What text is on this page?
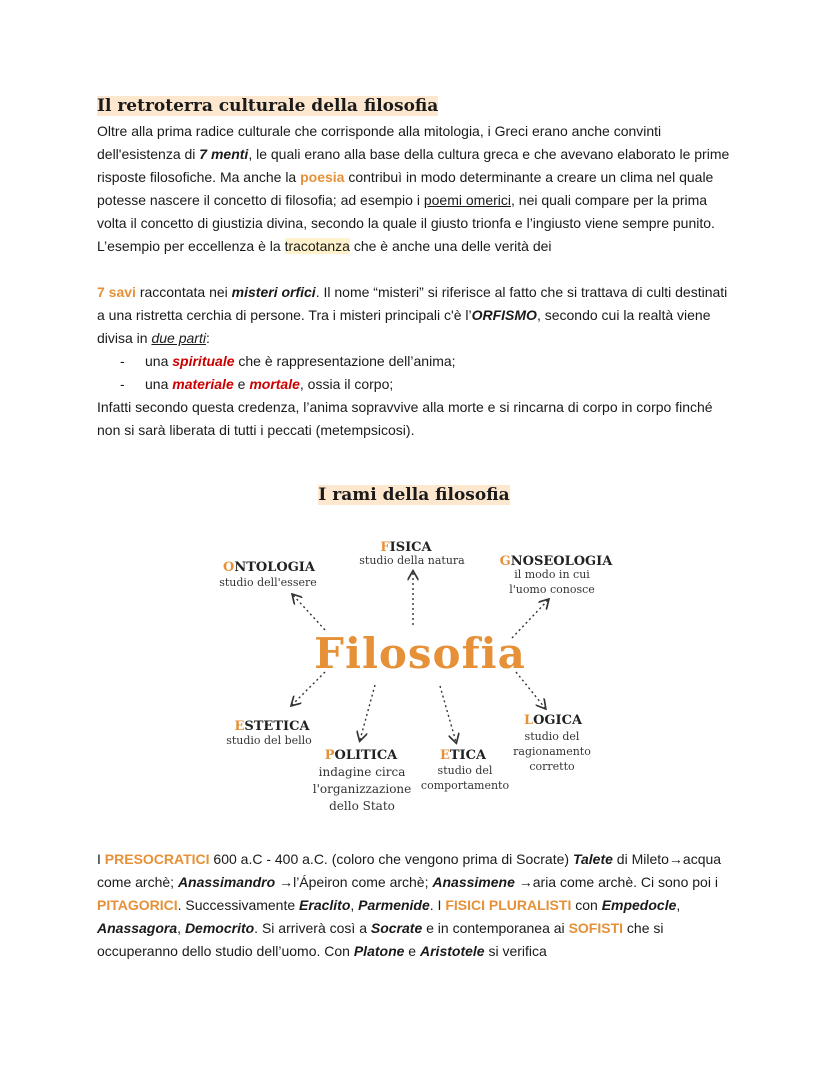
Il retroterra culturale della filosofia
Oltre alla prima radice culturale che corrisponde alla mitologia, i Greci erano anche convinti dell'esistenza di 7 menti, le quali erano alla base della cultura greca e che avevano elaborato le prime risposte filosofiche. Ma anche la poesia contribuì in modo determinante a creare un clima nel quale potesse nascere il concetto di filosofia; ad esempio i poemi omerici, nei quali compare per la prima volta il concetto di giustizia divina, secondo la quale il giusto trionfa e l’ingiusto viene sempre punito. L’esempio per eccellenza è la tracotanza che è anche una delle verità dei
7 savi raccontata nei misteri orfici. Il nome “misteri” si riferisce al fatto che si trattava di culti destinati a una ristretta cerchia di persone. Tra i misteri principali c'è l’ORFISMO, secondo cui la realtà viene divisa in due parti:
- una spirituale che è rappresentazione dell’anima;
- una materiale e mortale, ossia il corpo;
Infatti secondo questa credenza, l’anima sopravvive alla morte e si rincarna di corpo in corpo finché non si sarà liberata di tutti i peccati (metempsicosi).
I rami della filosofia
Filosofia
FISICA
studio della natura
ONTOLOGIA
studio dell'essere
GNOSEOLOGIA
il modo in cui
l'uomo conosce
ESTETICA
studio del bello
POLITICA
indagine circa
l'organizzazione
dello Stato
ETICA
studio del
comportamento
LOGICA
studio del
ragionamento
corretto
I PRESOCRATICI 600 a.C - 400 a.C. (coloro che vengono prima di Socrate) Talete di Mileto→acqua come archè; Anassimandro →l’Ápeiron come archè; Anassimene →aria come archè. Ci sono poi i PITAGORICI. Successivamente Eraclito, Parmenide. I FISICI PLURALISTI con Empedocle, Anassagora, Democrito. Si arriverà così a Socrate e in contemporanea ai SOFISTI che si occuperanno dello studio dell’uomo. Con Platone e Aristotele si verifica
